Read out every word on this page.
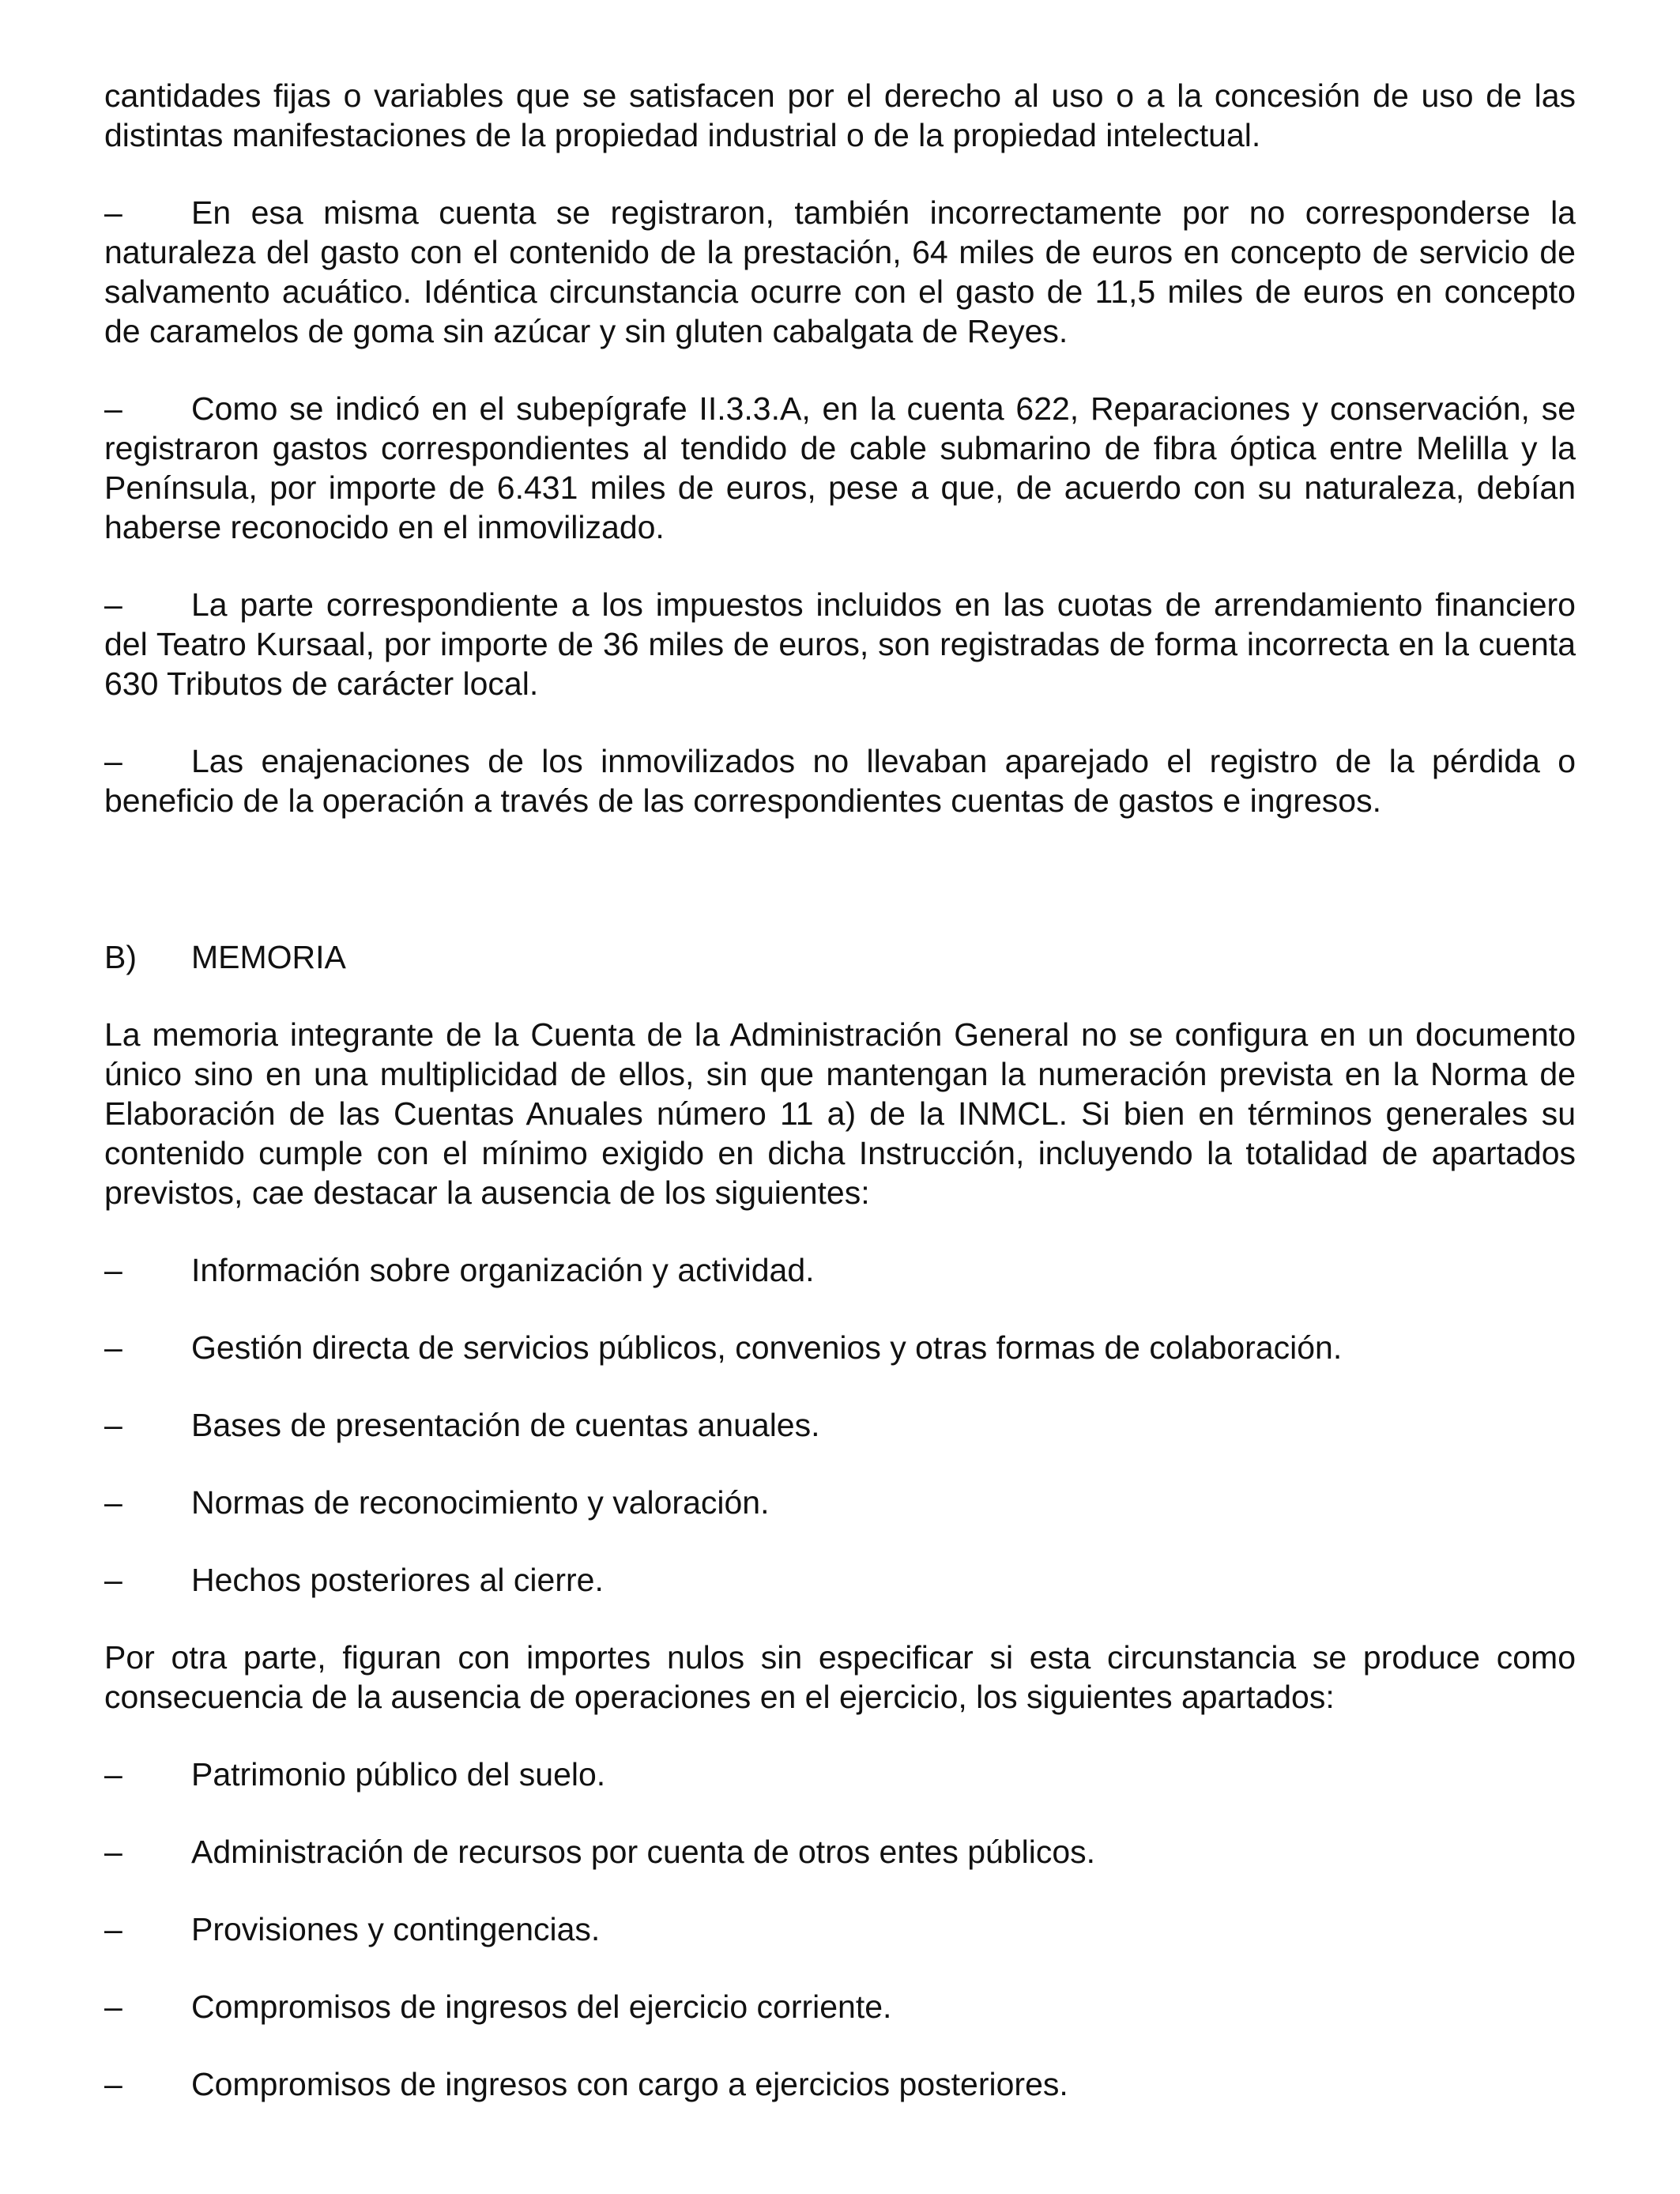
cantidades fijas o variables que se satisfacen por el derecho al uso o a la concesión de uso de las distintas manifestaciones de la propiedad industrial o de la propiedad intelectual.

– En esa misma cuenta se registraron, también incorrectamente por no corresponderse la naturaleza del gasto con el contenido de la prestación, 64 miles de euros en concepto de servicio de salvamento acuático. Idéntica circunstancia ocurre con el gasto de 11,5 miles de euros en concepto de caramelos de goma sin azúcar y sin gluten cabalgata de Reyes.

– Como se indicó en el subepígrafe II.3.3.A, en la cuenta 622, Reparaciones y conservación, se registraron gastos correspondientes al tendido de cable submarino de fibra óptica entre Melilla y la Península, por importe de 6.431 miles de euros, pese a que, de acuerdo con su naturaleza, debían haberse reconocido en el inmovilizado.

– La parte correspondiente a los impuestos incluidos en las cuotas de arrendamiento financiero del Teatro Kursaal, por importe de 36 miles de euros, son registradas de forma incorrecta en la cuenta 630 Tributos de carácter local.

– Las enajenaciones de los inmovilizados no llevaban aparejado el registro de la pérdida o beneficio de la operación a través de las correspondientes cuentas de gastos e ingresos.

B) MEMORIA

La memoria integrante de la Cuenta de la Administración General no se configura en un documento único sino en una multiplicidad de ellos, sin que mantengan la numeración prevista en la Norma de Elaboración de las Cuentas Anuales número 11 a) de la INMCL. Si bien en términos generales su contenido cumple con el mínimo exigido en dicha Instrucción, incluyendo la totalidad de apartados previstos, cae destacar la ausencia de los siguientes:

– Información sobre organización y actividad.
– Gestión directa de servicios públicos, convenios y otras formas de colaboración.
– Bases de presentación de cuentas anuales.
– Normas de reconocimiento y valoración.
– Hechos posteriores al cierre.

Por otra parte, figuran con importes nulos sin especificar si esta circunstancia se produce como consecuencia de la ausencia de operaciones en el ejercicio, los siguientes apartados:

– Patrimonio público del suelo.
– Administración de recursos por cuenta de otros entes públicos.
– Provisiones y contingencias.
– Compromisos de ingresos del ejercicio corriente.
– Compromisos de ingresos con cargo a ejercicios posteriores.
